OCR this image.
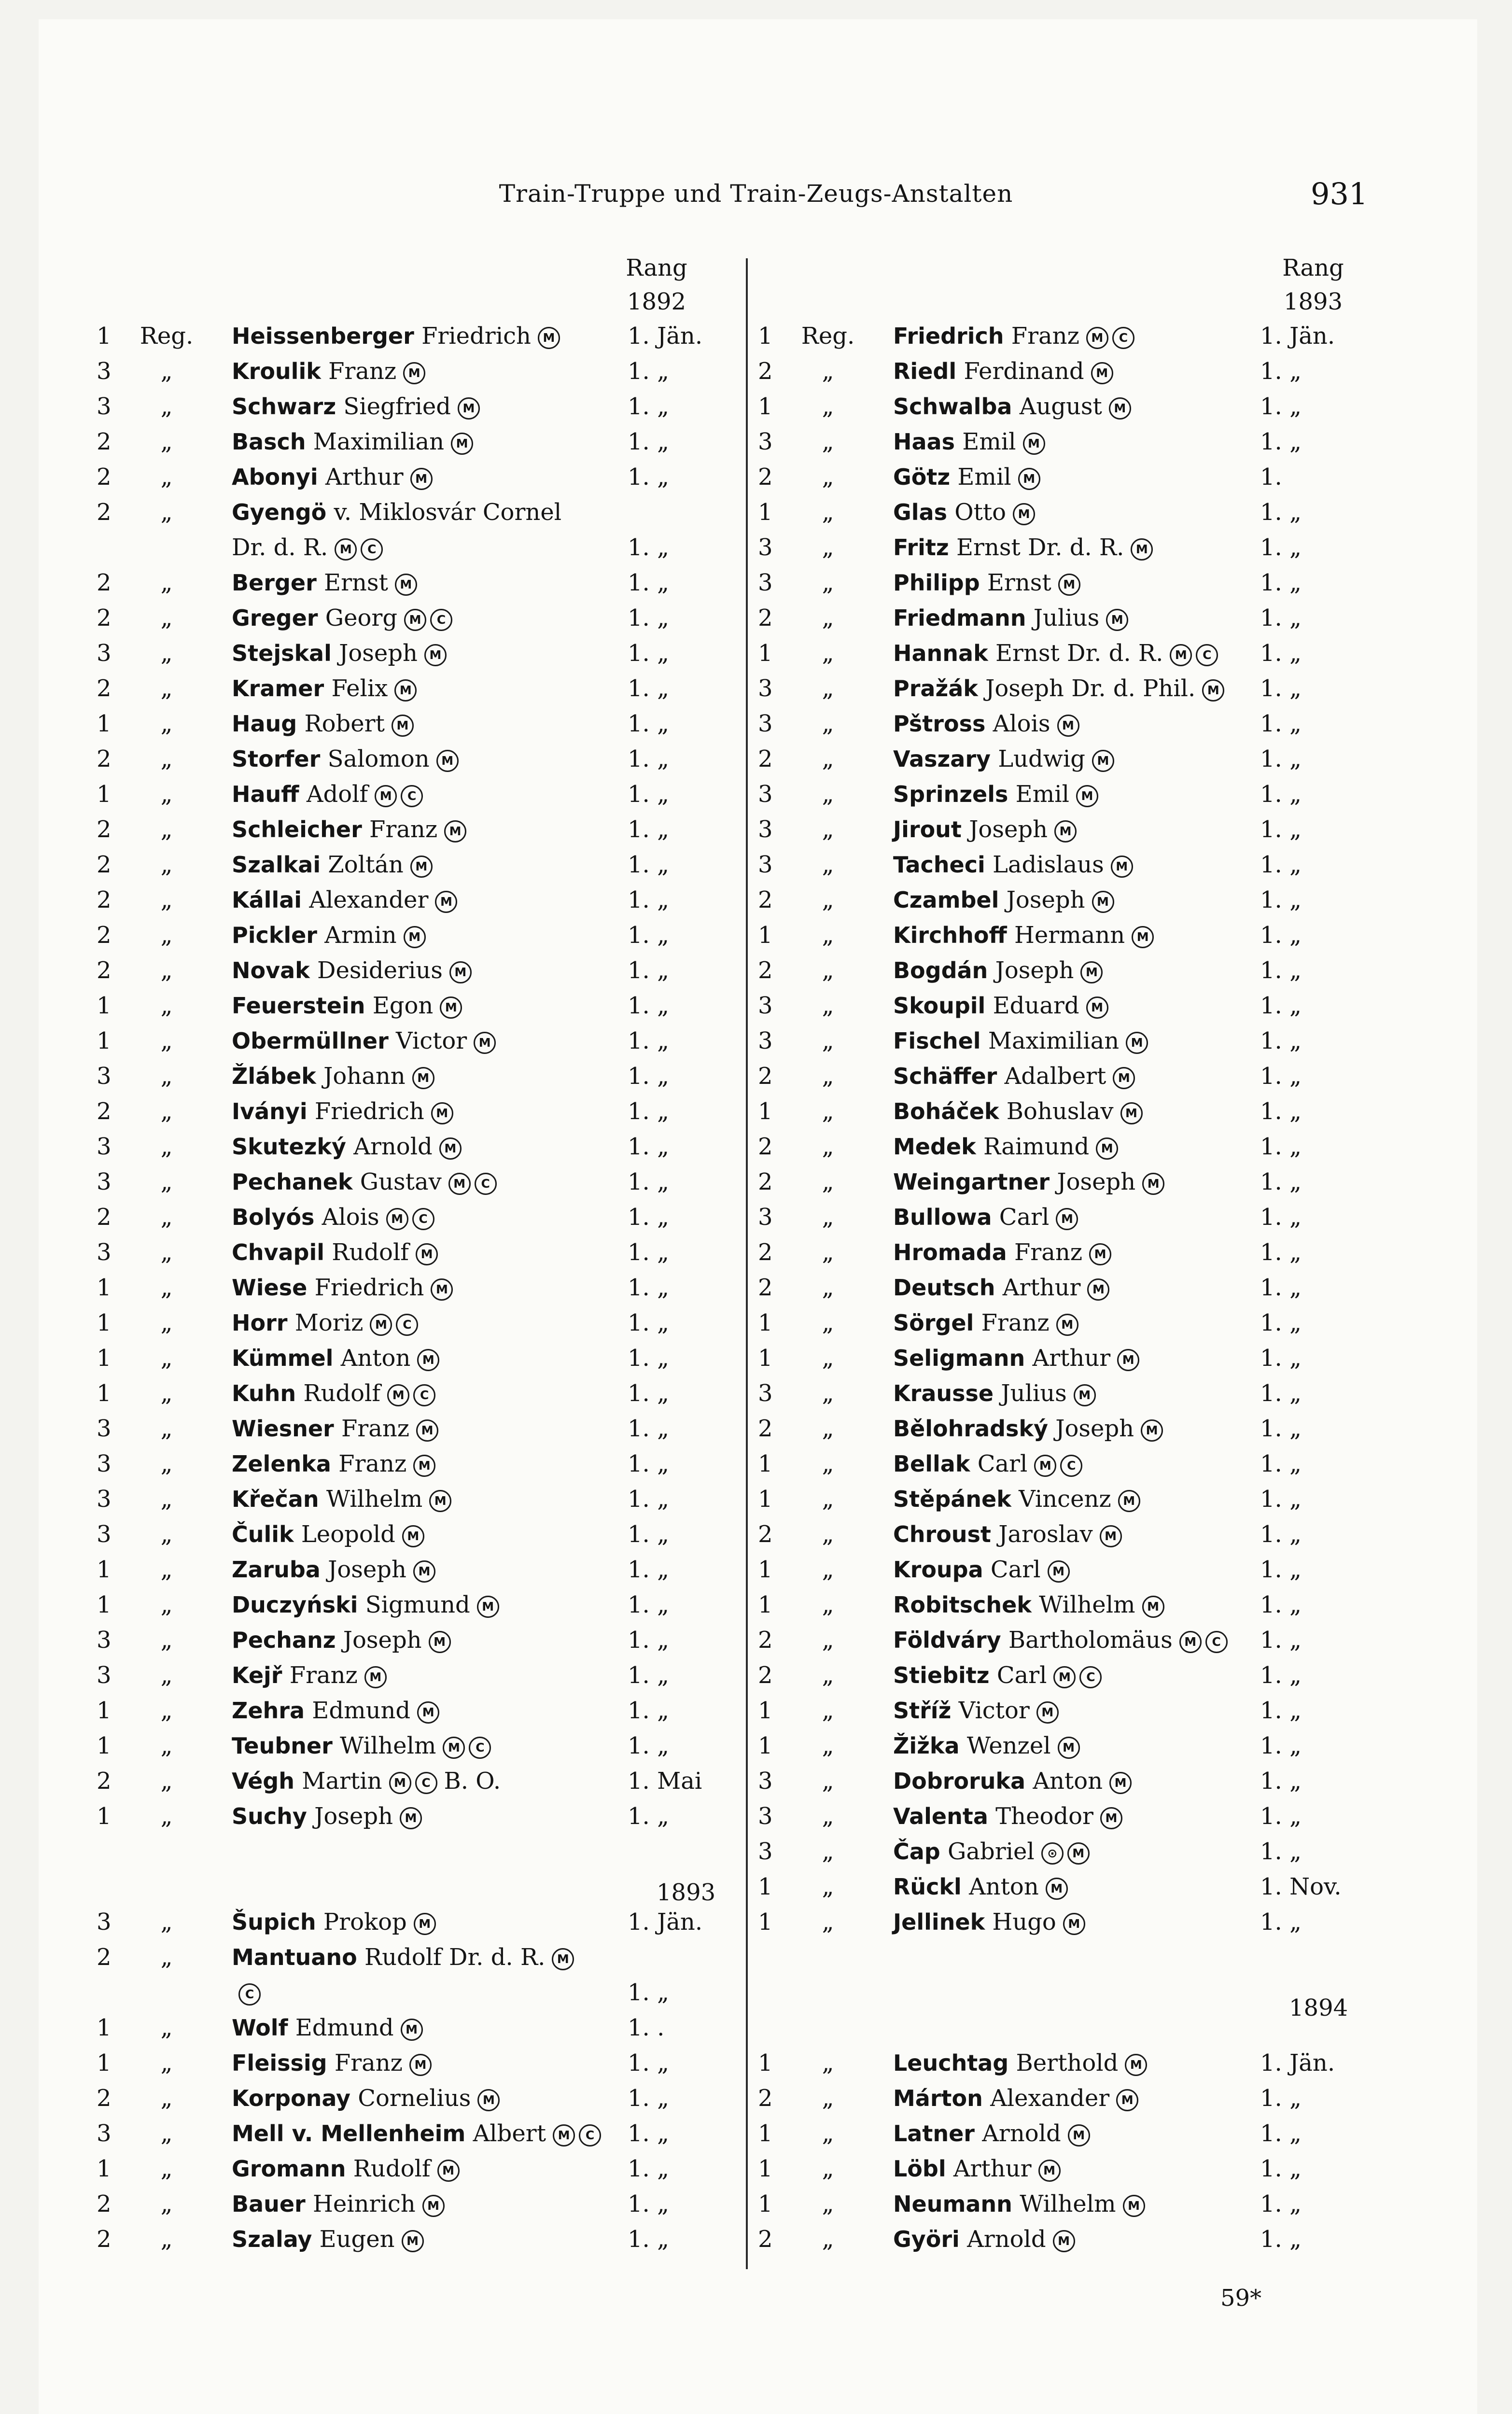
Train-Truppe und Train-Zeugs-Anstalten	931
Rang
1892
Rang
1893
1893
1	Reg.	Heissenberger Friedrich M	1. Jän.
3	„	Kroulik Franz M	1. „
3	„	Schwarz Siegfried M	1. „
2	„	Basch Maximilian M	1. „
2	„	Abonyi Arthur M	1. „
2	„	Gyengö v. Miklosvár Cornel
Dr. d. R. M C	1. „
2	„	Berger Ernst M	1. „
2	„	Greger Georg M C	1. „
3	„	Stejskal Joseph M	1. „
2	„	Kramer Felix M	1. „
1	„	Haug Robert M	1. „
2	„	Storfer Salomon M	1. „
1	„	Hauff Adolf M C	1. „
2	„	Schleicher Franz M	1. „
2	„	Szalkai Zoltán M	1. „
2	„	Kállai Alexander M	1. „
2	„	Pickler Armin M	1. „
2	„	Novak Desiderius M	1. „
1	„	Feuerstein Egon M	1. „
1	„	Obermüllner Victor M	1. „
3	„	Žlábek Johann M	1. „
2	„	Iványi Friedrich M	1. „
3	„	Skutezký Arnold M	1. „
3	„	Pechanek Gustav M C	1. „
2	„	Bolyós Alois M C	1. „
3	„	Chvapil Rudolf M	1. „
1	„	Wiese Friedrich M	1. „
1	„	Horr Moriz M C	1. „
1	„	Kümmel Anton M	1. „
1	„	Kuhn Rudolf M C	1. „
3	„	Wiesner Franz M	1. „
3	„	Zelenka Franz M	1. „
3	„	Křečan Wilhelm M	1. „
3	„	Čulik Leopold M	1. „
1	„	Zaruba Joseph M	1. „
1	„	Duczyński Sigmund M	1. „
3	„	Pechanz Joseph M	1. „
3	„	Kejř Franz M	1. „
1	„	Zehra Edmund M	1. „
1	„	Teubner Wilhelm M C	1. „
2	„	Végh Martin M C B. O.	1. Mai
1	„	Suchy Joseph M	1. „
3	„	Šupich Prokop M	1. Jän.
2	„	Mantuano Rudolf Dr. d. R. M
C	1. „
1	„	Wolf Edmund M	1. .
1	„	Fleissig Franz M	1. „
2	„	Korponay Cornelius M	1. „
3	„	Mell v. Mellenheim Albert M C	1. „
1	„	Gromann Rudolf M	1. „
2	„	Bauer Heinrich M	1. „
2	„	Szalay Eugen M	1. „
1894
1	Reg.	Friedrich Franz M C	1. Jän.
2	„	Riedl Ferdinand M	1. „
1	„	Schwalba August M	1. „
3	„	Haas Emil M	1. „
2	„	Götz Emil M	1.
1	„	Glas Otto M	1. „
3	„	Fritz Ernst Dr. d. R. M	1. „
3	„	Philipp Ernst M	1. „
2	„	Friedmann Julius M	1. „
1	„	Hannak Ernst Dr. d. R. M C	1. „
3	„	Pražák Joseph Dr. d. Phil. M	1. „
3	„	Pštross Alois M	1. „
2	„	Vaszary Ludwig M	1. „
3	„	Sprinzels Emil M	1. „
3	„	Jirout Joseph M	1. „
3	„	Tacheci Ladislaus M	1. „
2	„	Czambel Joseph M	1. „
1	„	Kirchhoff Hermann M	1. „
2	„	Bogdán Joseph M	1. „
3	„	Skoupil Eduard M	1. „
3	„	Fischel Maximilian M	1. „
2	„	Schäffer Adalbert M	1. „
1	„	Boháček Bohuslav M	1. „
2	„	Medek Raimund M	1. „
2	„	Weingartner Joseph M	1. „
3	„	Bullowa Carl M	1. „
2	„	Hromada Franz M	1. „
2	„	Deutsch Arthur M	1. „
1	„	Sörgel Franz M	1. „
1	„	Seligmann Arthur M	1. „
3	„	Krausse Julius M	1. „
2	„	Bělohradský Joseph M	1. „
1	„	Bellak Carl M C	1. „
1	„	Stěpánek Vincenz M	1. „
2	„	Chroust Jaroslav M	1. „
1	„	Kroupa Carl M	1. „
1	„	Robitschek Wilhelm M	1. „
2	„	Földváry Bartholomäus M C	1. „
2	„	Stiebitz Carl M C	1. „
1	„	Stříž Victor M	1. „
1	„	Žižka Wenzel M	1. „
3	„	Dobroruka Anton M	1. „
3	„	Valenta Theodor M	1. „
3	„	Čap Gabriel ⊙ M	1. „
1	„	Rückl Anton M	1. Nov.
1	„	Jellinek Hugo M	1. „
1	„	Leuchtag Berthold M	1. Jän.
2	„	Márton Alexander M	1. „
1	„	Latner Arnold M	1. „
1	„	Löbl Arthur M	1. „
1	„	Neumann Wilhelm M	1. „
2	„	Györi Arnold M	1. „
59*
